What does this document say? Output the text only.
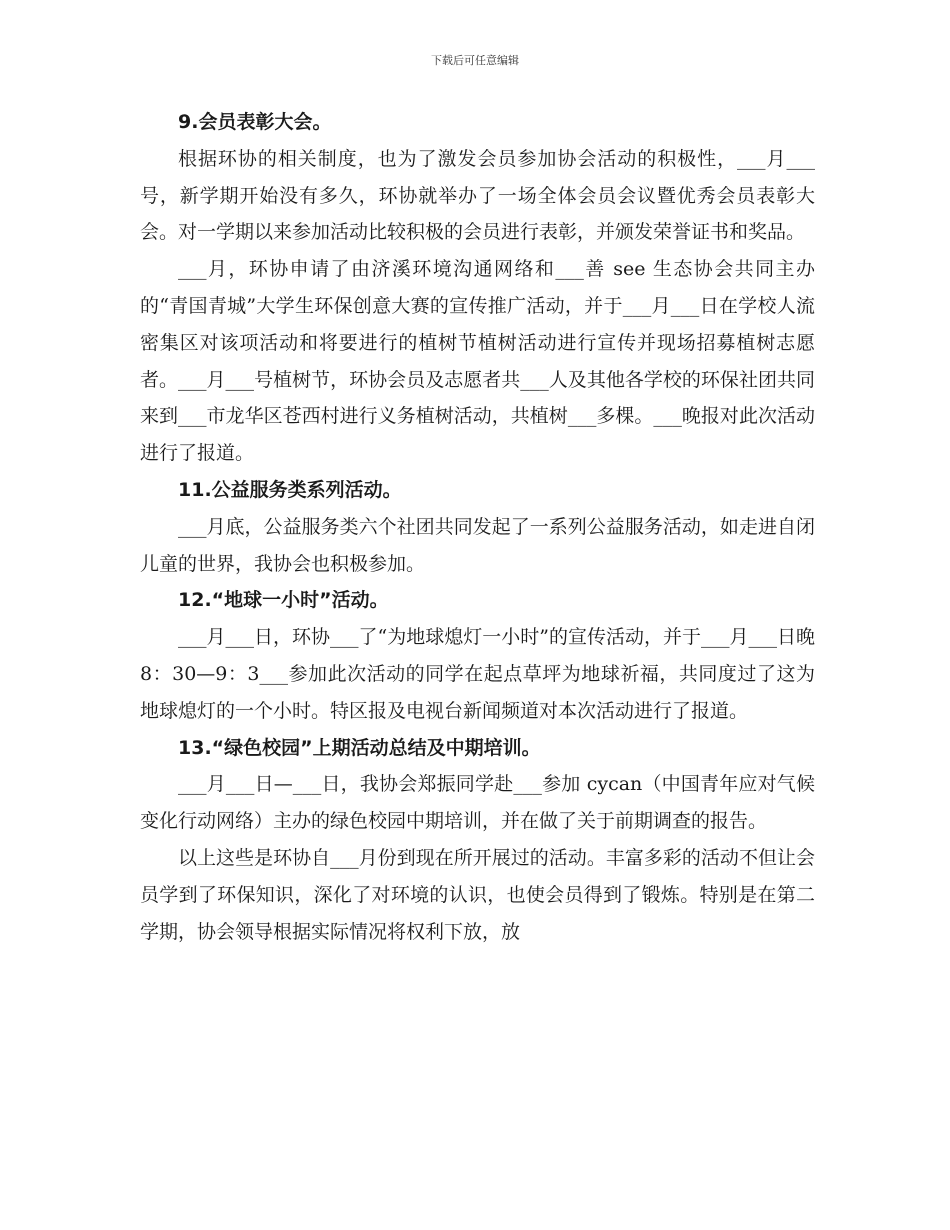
下载后可任意编辑

9.会员表彰大会。

根据环协的相关制度，也为了激发会员参加协会活动的积极性，___月___号，新学期开始没有多久，环协就举办了一场全体会员会议暨优秀会员表彰大会。对一学期以来参加活动比较积极的会员进行表彰，并颁发荣誉证书和奖品。

___月，环协申请了由济溪环境沟通网络和___善 see 生态协会共同主办的“青国青城”大学生环保创意大赛的宣传推广活动，并于___月___日在学校人流密集区对该项活动和将要进行的植树节植树活动进行宣传并现场招募植树志愿者。___月___号植树节，环协会员及志愿者共___人及其他各学校的环保社团共同来到___市龙华区苍西村进行义务植树活动，共植树___多棵。___晚报对此次活动进行了报道。

11.公益服务类系列活动。

___月底，公益服务类六个社团共同发起了一系列公益服务活动，如走进自闭儿童的世界，我协会也积极参加。

12.“地球一小时”活动。

___月___日，环协___了“为地球熄灯一小时”的宣传活动，并于___月___日晚 8：30—9：3___参加此次活动的同学在起点草坪为地球祈福，共同度过了这为地球熄灯的一个小时。特区报及电视台新闻频道对本次活动进行了报道。

13.“绿色校园”上期活动总结及中期培训。

___月___日—___日，我协会郑振同学赴___参加 cycan（中国青年应对气候变化行动网络）主办的绿色校园中期培训，并在做了关于前期调查的报告。

以上这些是环协自___月份到现在所开展过的活动。丰富多彩的活动不但让会员学到了环保知识，深化了对环境的认识，也使会员得到了锻炼。特别是在第二学期，协会领导根据实际情况将权利下放，放
